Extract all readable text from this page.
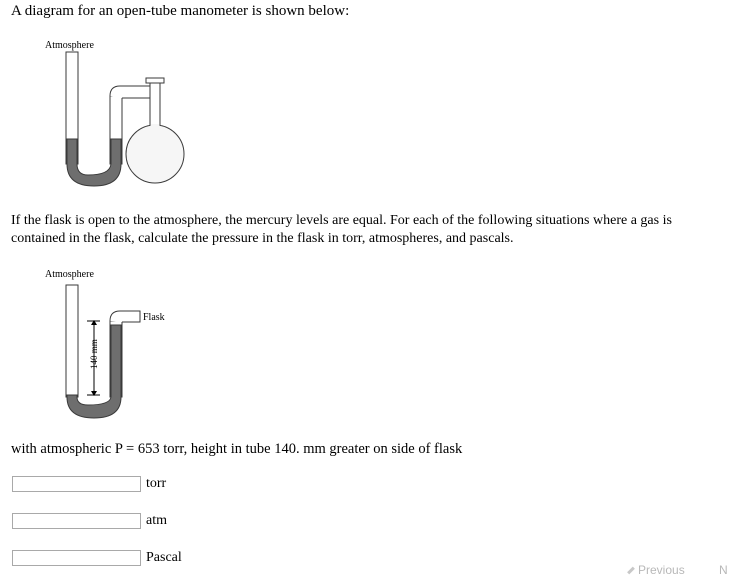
A diagram for an open-tube manometer is shown below:
Atmosphere
If the flask is open to the atmosphere, the mercury levels are equal. For each of the following situations where a gas is contained in the flask, calculate the pressure in the flask in torr, atmospheres, and pascals.
Atmosphere
Flask
140 mm
with atmospheric P = 653 torr, height in tube 140. mm greater on side of flask
torr
atm
Pascal
Previous	N
